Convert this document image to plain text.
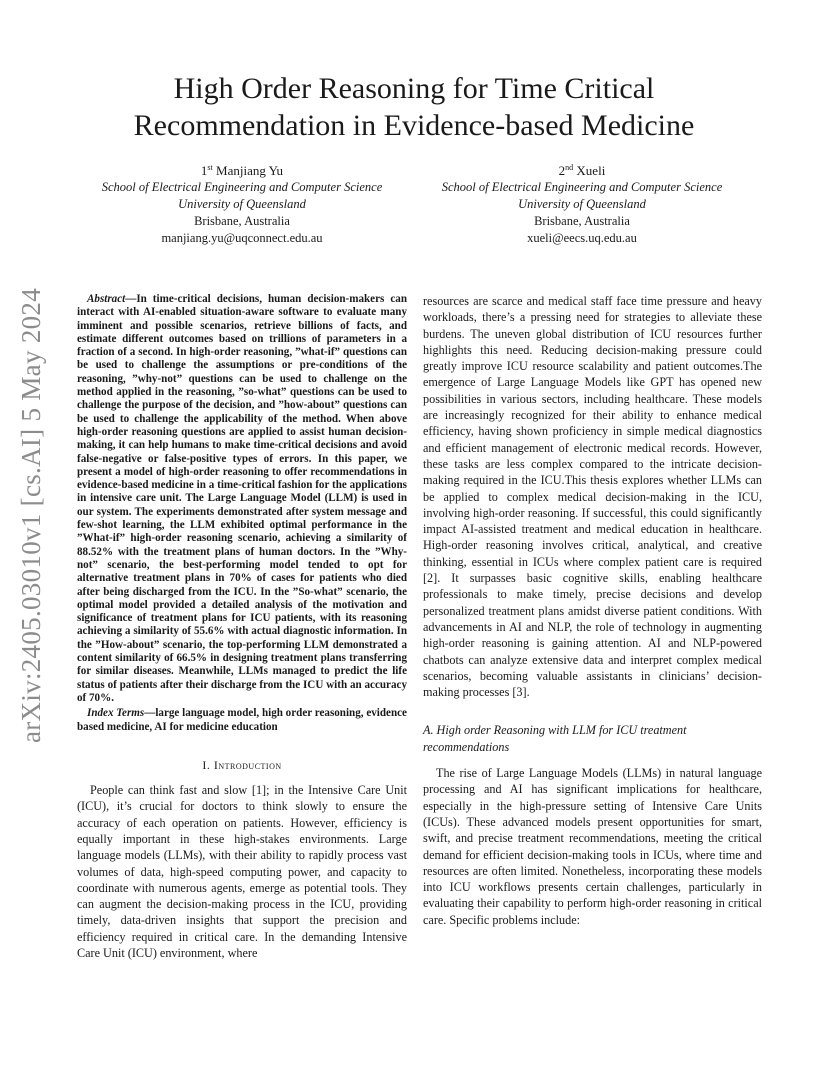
arXiv:2405.03010v1 [cs.AI] 5 May 2024
High Order Reasoning for Time Critical
Recommendation in Evidence-based Medicine
1st Manjiang Yu
School of Electrical Engineering and Computer Science
University of Queensland
Brisbane, Australia
manjiang.yu@uqconnect.edu.au
2nd Xueli
School of Electrical Engineering and Computer Science
University of Queensland
Brisbane, Australia
xueli@eecs.uq.edu.au

Abstract—In time-critical decisions, human decision-makers can interact with AI-enabled situation-aware software to evaluate many imminent and possible scenarios, retrieve billions of facts, and estimate different outcomes based on trillions of parameters in a fraction of a second. In high-order reasoning, ”what-if” questions can be used to challenge the assumptions or pre-conditions of the reasoning, ”why-not” questions can be used to challenge on the method applied in the reasoning, ”so-what” questions can be used to challenge the purpose of the decision, and ”how-about” questions can be used to challenge the applicability of the method. When above high-order reasoning questions are applied to assist human decision-making, it can help humans to make time-critical decisions and avoid false-negative or false-positive types of errors. In this paper, we present a model of high-order reasoning to offer recommendations in evidence-based medicine in a time-critical fashion for the applications in intensive care unit. The Large Language Model (LLM) is used in our system. The experiments demonstrated after system message and few-shot learning, the LLM exhibited optimal performance in the ”What-if” high-order reasoning scenario, achieving a similarity of 88.52% with the treatment plans of human doctors. In the ”Why-not” scenario, the best-performing model tended to opt for alternative treatment plans in 70% of cases for patients who died after being discharged from the ICU. In the ”So-what” scenario, the optimal model provided a detailed analysis of the motivation and significance of treatment plans for ICU patients, with its reasoning achieving a similarity of 55.6% with actual diagnostic information. In the ”How-about” scenario, the top-performing LLM demonstrated a content similarity of 66.5% in designing treatment plans transferring for similar diseases. Meanwhile, LLMs managed to predict the life status of patients after their discharge from the ICU with an accuracy of 70%.

Index Terms—large language model, high order reasoning, evidence based medicine, AI for medicine education

I. Introduction

People can think fast and slow [1]; in the Intensive Care Unit (ICU), it’s crucial for doctors to think slowly to ensure the accuracy of each operation on patients. However, efficiency is equally important in these high-stakes environments. Large language models (LLMs), with their ability to rapidly process vast volumes of data, high-speed computing power, and capacity to coordinate with numerous agents, emerge as potential tools. They can augment the decision-making process in the ICU, providing timely, data-driven insights that support the precision and efficiency required in critical care. In the demanding Intensive Care Unit (ICU) environment, where

resources are scarce and medical staff face time pressure and heavy workloads, there’s a pressing need for strategies to alleviate these burdens. The uneven global distribution of ICU resources further highlights this need. Reducing decision-making pressure could greatly improve ICU resource scalability and patient outcomes.The emergence of Large Language Models like GPT has opened new possibilities in various sectors, including healthcare. These models are increasingly recognized for their ability to enhance medical efficiency, having shown proficiency in simple medical diagnostics and efficient management of electronic medical records. However, these tasks are less complex compared to the intricate decision-making required in the ICU.This thesis explores whether LLMs can be applied to complex medical decision-making in the ICU, involving high-order reasoning. If successful, this could significantly impact AI-assisted treatment and medical education in healthcare. High-order reasoning involves critical, analytical, and creative thinking, essential in ICUs where complex patient care is required [2]. It surpasses basic cognitive skills, enabling healthcare professionals to make timely, precise decisions and develop personalized treatment plans amidst diverse patient conditions. With advancements in AI and NLP, the role of technology in augmenting high-order reasoning is gaining attention. AI and NLP-powered chatbots can analyze extensive data and interpret complex medical scenarios, becoming valuable assistants in clinicians’ decision-making processes [3].

A. High order Reasoning with LLM for ICU treatment recommendations

The rise of Large Language Models (LLMs) in natural language processing and AI has significant implications for healthcare, especially in the high-pressure setting of Intensive Care Units (ICUs). These advanced models present opportunities for smart, swift, and precise treatment recommendations, meeting the critical demand for efficient decision-making tools in ICUs, where time and resources are often limited. Nonetheless, incorporating these models into ICU workflows presents certain challenges, particularly in evaluating their capability to perform high-order reasoning in critical care. Specific problems include:
